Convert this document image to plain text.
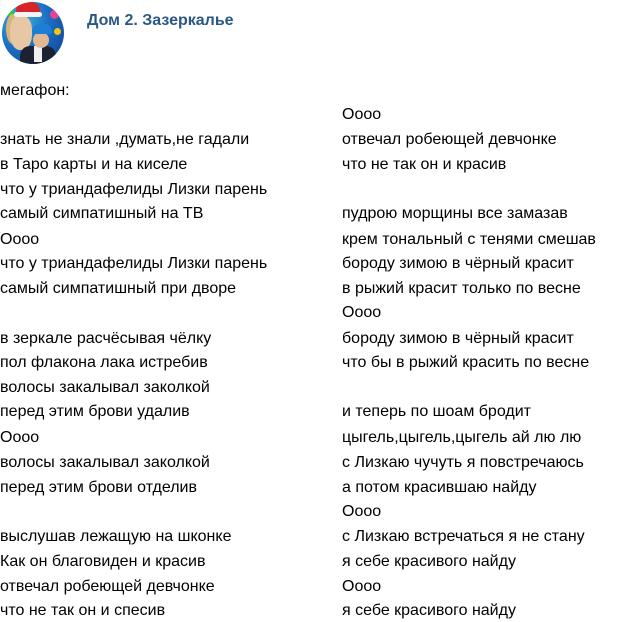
Дом 2. Зазеркалье
мегафон:
знать не знали ,думать,не гадали
в Таро карты и на киселе
что у триандафелиды Лизки парень
самый симпатишный на ТВ
Оооо
что у триандафелиды Лизки парень
самый симпатишный при дворе
в зеркале расчёсывая чёлку
пол флакона лака истребив
волосы закалывал заколкой
перед этим брови удалив
Оооо
волосы закалывал заколкой
перед этим брови отделив
выслушав лежащую на шконке
Как он благовиден и красив
отвечал робеющей девчонке
что не так он и спесив
Оооо
отвечал робеющей девчонке
что не так он и красив
пудрою морщины все замазав
крем тональный с тенями смешав
бороду зимою в чёрный красит
в рыжий красит только по весне
Оооо
бороду зимою в чёрный красит
что бы в рыжий красить по весне
и теперь по шоам бродит
цыгель,цыгель,цыгель ай лю лю
с Лизкаю чучуть я повстречаюсь
а потом красившаю найду
Оооо
с Лизкаю встречаться я не стану
я себе красивого найду
Оооо
я себе красивого найду
